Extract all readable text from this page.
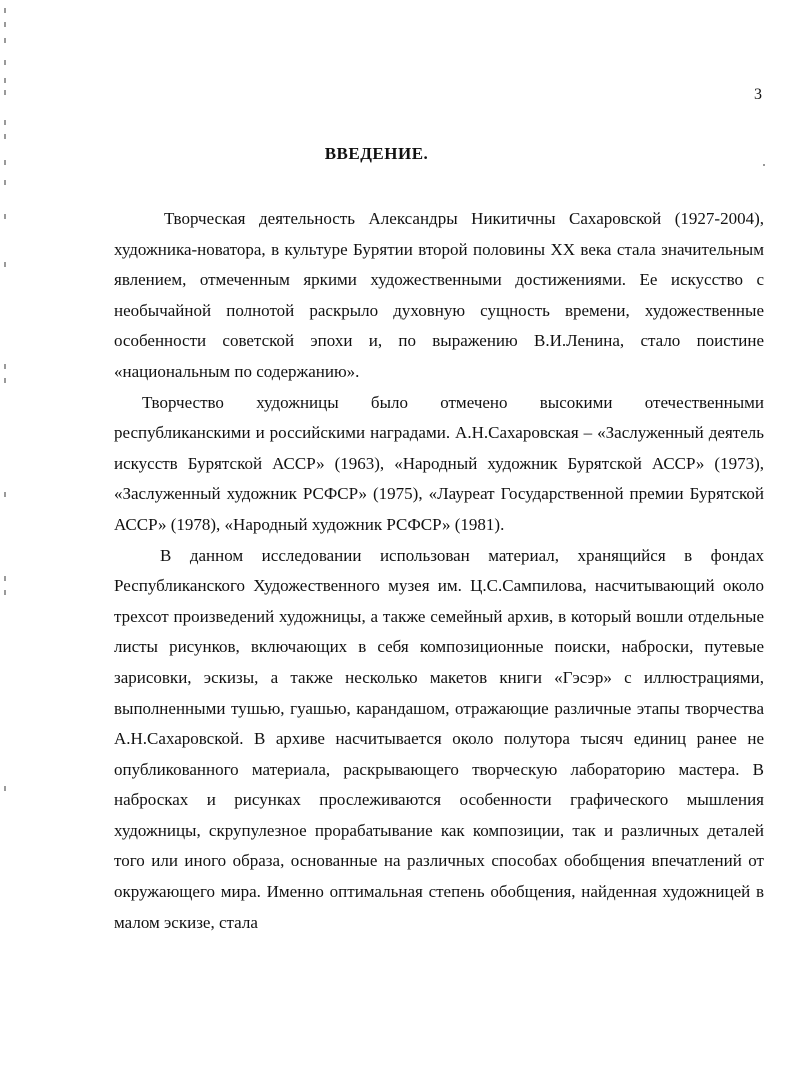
3
ВВЕДЕНИЕ.

Творческая деятельность Александры Никитичны Сахаровской (1927-2004), художника-новатора, в культуре Бурятии второй половины XX века стала значительным явлением, отмеченным яркими художественными достижениями. Ее искусство с необычайной полнотой раскрыло духовную сущность времени, художественные особенности советской эпохи и, по выражению В.И.Ленина, стало поистине «национальным по содержанию».

Творчество художницы было отмечено высокими отечественными республиканскими и российскими наградами. А.Н.Сахаровская – «Заслуженный деятель искусств Бурятской АССР» (1963), «Народный художник Бурятской АССР» (1973), «Заслуженный художник РСФСР» (1975), «Лауреат Государственной премии Бурятской АССР» (1978), «Народный художник РСФСР» (1981).

В данном исследовании использован материал, хранящийся в фондах Республиканского Художественного музея им. Ц.С.Сампилова, насчитывающий около трехсот произведений художницы, а также семейный архив, в который вошли отдельные листы рисунков, включающих в себя композиционные поиски, наброски, путевые зарисовки, эскизы, а также несколько макетов книги «Гэсэр» с иллюстрациями, выполненными тушью, гуашью, карандашом, отражающие различные этапы творчества А.Н.Сахаровской. В архиве насчитывается около полутора тысяч единиц ранее не опубликованного материала, раскрывающего творческую лабораторию мастера. В набросках и рисунках прослеживаются особенности графического мышления художницы, скрупулезное прорабатывание как композиции, так и различных деталей того или иного образа, основанные на различных способах обобщения впечатлений от окружающего мира. Именно оптимальная степень обобщения, найденная художницей в малом эскизе, стала
